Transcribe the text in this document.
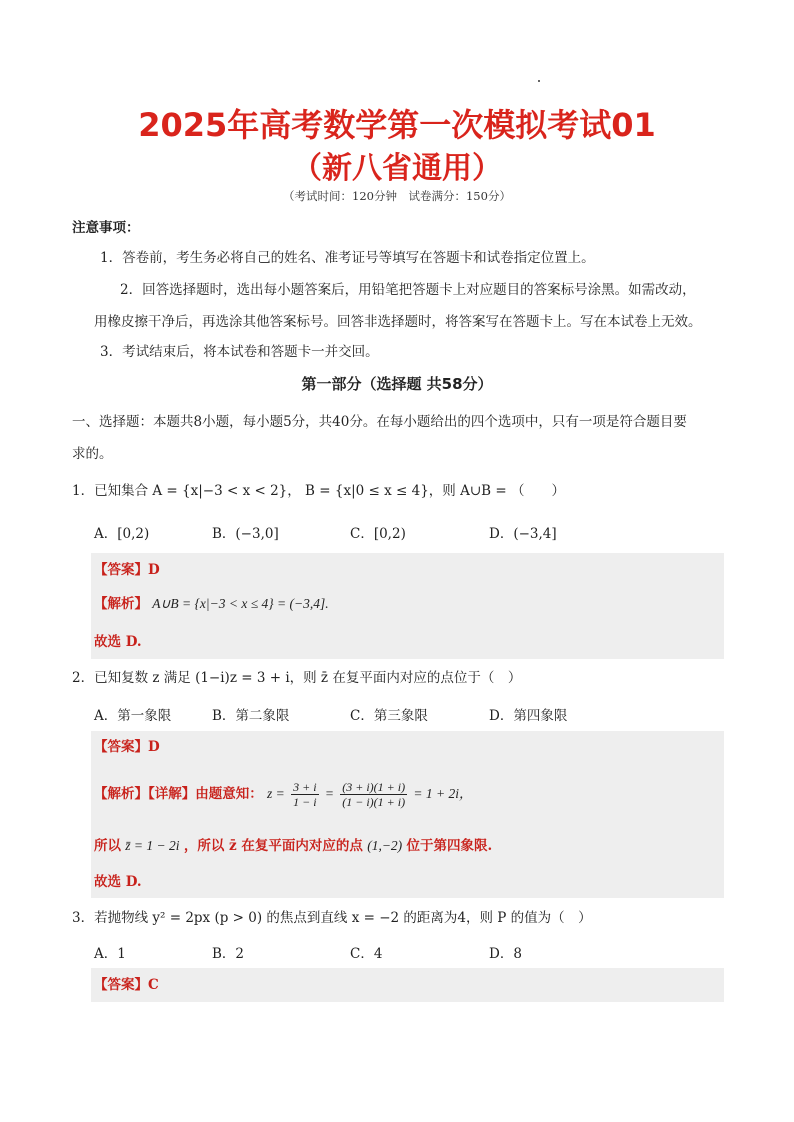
2025年高考数学第一次模拟考试01
（新八省通用）
（考试时间：120分钟　试卷满分：150分）
注意事项：
1．答卷前，考生务必将自己的姓名、准考证号等填写在答题卡和试卷指定位置上。
2．回答选择题时，选出每小题答案后，用铅笔把答题卡上对应题目的答案标号涂黑。如需改动，
用橡皮擦干净后，再选涂其他答案标号。回答非选择题时，将答案写在答题卡上。写在本试卷上无效。
3．考试结束后，将本试卷和答题卡一并交回。
第一部分（选择题 共58分）
一、选择题：本题共8小题，每小题5分，共40分。在每小题给出的四个选项中，只有一项是符合题目要
求的。
1．已知集合 A = {x|−3 < x < 2}， B = {x|0 ≤ x ≤ 4}，则 A∪B = （　　）
A．[0,2)	B．(−3,0]	C．[0,2)	D．(−3,4]
【答案】D
【解析】 A∪B = {x|−3 < x ≤ 4} = (−3,4].
故选 D.
2．已知复数 z 满足 (1−i)z = 3 + i，则 z̄ 在复平面内对应的点位于（　）
A．第一象限	B．第二象限	C．第三象限	D．第四象限
【答案】D
【解析】【详解】由题意知： $z = \frac{3 + i}{1 - i} = \frac{(3 + i)(1 + i)}{(1 - i)(1 + i)} = 1 + 2i$，
所以 z̄ = 1 − 2i ，所以 z̄ 在复平面内对应的点 (1,−2) 位于第四象限.
故选 D.
3．若抛物线 y² = 2px (p > 0) 的焦点到直线 x = −2 的距离为4，则 P 的值为（　）
A．1	B．2	C．4	D．8
【答案】C
